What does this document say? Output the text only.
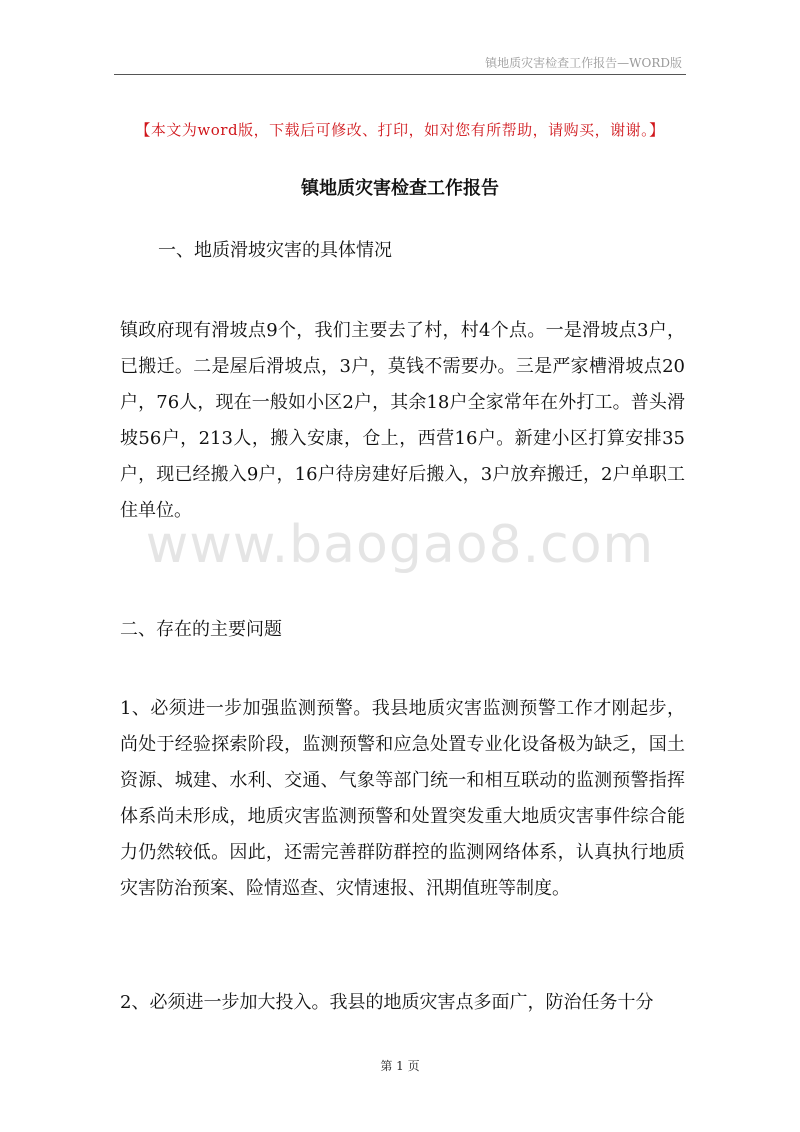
镇地质灾害检查工作报告—WORD版
【本文为word版，下载后可修改、打印，如对您有所帮助，请购买，谢谢。】
镇地质灾害检查工作报告
一、地质滑坡灾害的具体情况
镇政府现有滑坡点9个，我们主要去了村，村4个点。一是滑坡点3户，已搬迁。二是屋后滑坡点，3户，莫钱不需要办。三是严家槽滑坡点20户，76人，现在一般如小区2户，其余18户全家常年在外打工。普头滑坡56户，213人，搬入安康，仓上，西营16户。新建小区打算安排35户，现已经搬入9户，16户待房建好后搬入，3户放弃搬迁，2户单职工住单位。
www.baogao8.com
二、存在的主要问题
1、必须进一步加强监测预警。我县地质灾害监测预警工作才刚起步，尚处于经验探索阶段，监测预警和应急处置专业化设备极为缺乏，国土资源、城建、水利、交通、气象等部门统一和相互联动的监测预警指挥体系尚未形成，地质灾害监测预警和处置突发重大地质灾害事件综合能力仍然较低。因此，还需完善群防群控的监测网络体系，认真执行地质灾害防治预案、险情巡查、灾情速报、汛期值班等制度。
2、必须进一步加大投入。我县的地质灾害点多面广，防治任务十分
第 1 页
